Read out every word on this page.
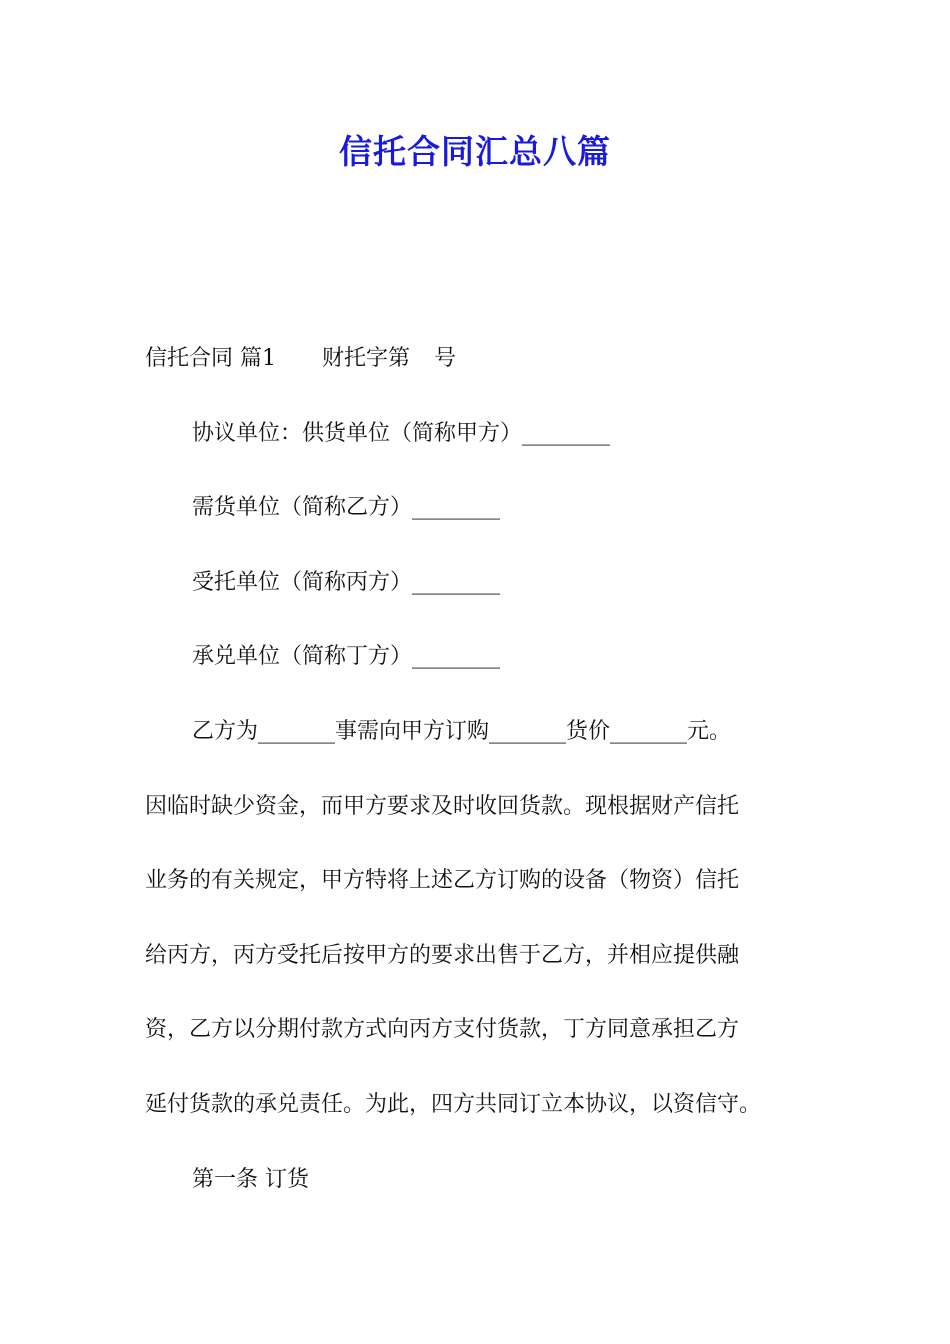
信托合同汇总八篇
信托合同 篇1 财托字第 号
协议单位：供货单位（简称甲方）________
需货单位（简称乙方）________
受托单位（简称丙方）________
承兑单位（简称丁方）________
乙方为_______事需向甲方订购_______货价_______元。
因临时缺少资金，而甲方要求及时收回货款。现根据财产信托
业务的有关规定，甲方特将上述乙方订购的设备（物资）信托
给丙方，丙方受托后按甲方的要求出售于乙方，并相应提供融
资，乙方以分期付款方式向丙方支付货款，丁方同意承担乙方
延付货款的承兑责任。为此，四方共同订立本协议，以资信守。
第一条 订货
